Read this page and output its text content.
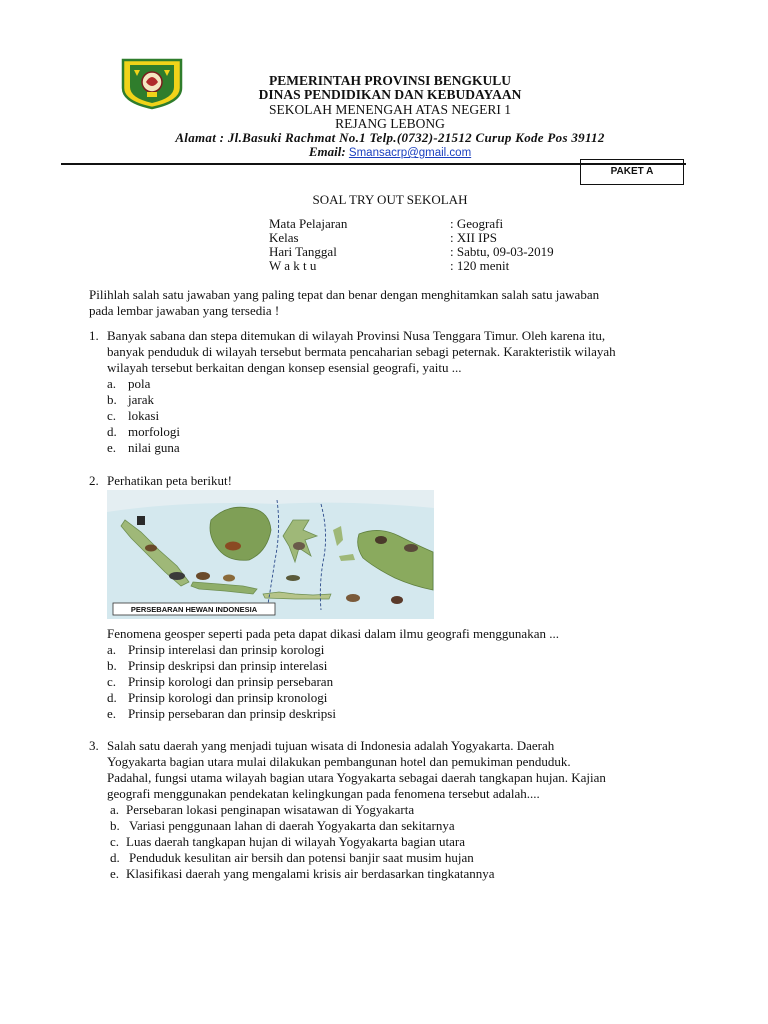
PEMERINTAH PROVINSI BENGKULU
DINAS PENDIDIKAN DAN KEBUDAYAAN
SEKOLAH MENENGAH ATAS NEGERI 1
REJANG LEBONG
Alamat : Jl.Basuki Rachmat No.1 Telp.(0732)-21512 Curup Kode Pos 39112
Email: Smansacrp@gmail.com
PAKET A
SOAL TRY OUT SEKOLAH
Mata Pelajaran	: Geografi
Kelas	: XII IPS
Hari Tanggal	: Sabtu, 09-03-2019
W a k t u	: 120 menit
Pilihlah salah satu jawaban yang paling tepat dan benar dengan menghitamkan salah satu jawaban
pada lembar jawaban yang tersedia !
1. Banyak sabana dan stepa ditemukan di wilayah Provinsi Nusa Tenggara Timur. Oleh karena itu,
banyak penduduk di wilayah tersebut bermata pencaharian sebagi peternak. Karakteristik wilayah
wilayah tersebut berkaitan dengan konsep esensial geografi, yaitu ...
a. pola
b. jarak
c. lokasi
d. morfologi
e. nilai guna
2. Perhatikan peta berikut!
PERSEBARAN HEWAN INDONESIA
Fenomena geosper seperti pada peta dapat dikasi dalam ilmu geografi menggunakan ...
a. Prinsip interelasi dan prinsip korologi
b. Prinsip deskripsi dan prinsip interelasi
c. Prinsip korologi dan prinsip persebaran
d. Prinsip korologi dan prinsip kronologi
e. Prinsip persebaran dan prinsip deskripsi
3. Salah satu daerah yang menjadi tujuan wisata di Indonesia adalah Yogyakarta. Daerah
Yogyakarta bagian utara mulai dilakukan pembangunan hotel dan pemukiman penduduk.
Padahal, fungsi utama wilayah bagian utara Yogyakarta sebagai daerah tangkapan hujan. Kajian
geografi menggunakan pendekatan kelingkungan pada fenomena tersebut adalah....
a. Persebaran lokasi penginapan wisatawan di Yogyakarta
b. Variasi penggunaan lahan di daerah Yogyakarta dan sekitarnya
c. Luas daerah tangkapan hujan di wilayah Yogyakarta bagian utara
d. Penduduk kesulitan air bersih dan potensi banjir saat musim hujan
e. Klasifikasi daerah yang mengalami krisis air berdasarkan tingkatannya
